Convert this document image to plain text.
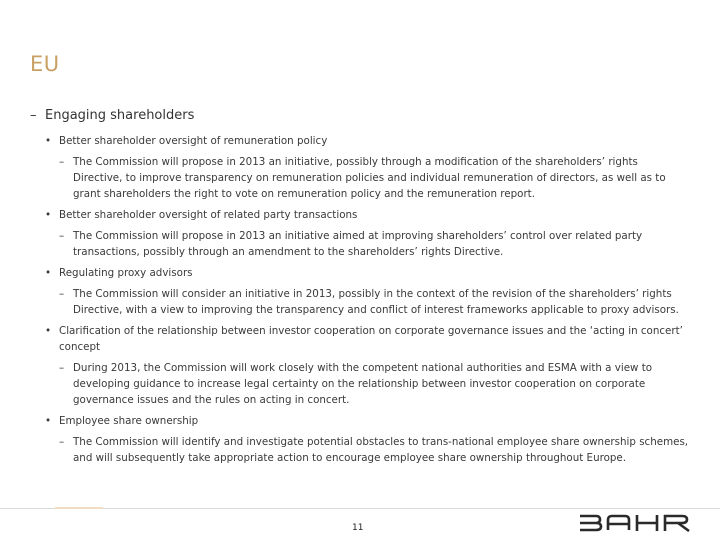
EU
– Engaging shareholders
• Better shareholder oversight of remuneration policy
– The Commission will propose in 2013 an initiative, possibly through a modification of the shareholders’ rights Directive, to improve transparency on remuneration policies and individual remuneration of directors, as well as to grant shareholders the right to vote on remuneration policy and the remuneration report.
• Better shareholder oversight of related party transactions
– The Commission will propose in 2013 an initiative aimed at improving shareholders’ control over related party transactions, possibly through an amendment to the shareholders’ rights Directive.
• Regulating proxy advisors
– The Commission will consider an initiative in 2013, possibly in the context of the revision of the shareholders’ rights Directive, with a view to improving the transparency and conflict of interest frameworks applicable to proxy advisors.
• Clarification of the relationship between investor cooperation on corporate governance issues and the ‘acting in concert’ concept
– During 2013, the Commission will work closely with the competent national authorities and ESMA with a view to developing guidance to increase legal certainty on the relationship between investor cooperation on corporate governance issues and the rules on acting in concert.
• Employee share ownership
– The Commission will identify and investigate potential obstacles to trans-national employee share ownership schemes, and will subsequently take appropriate action to encourage employee share ownership throughout Europe.
11
